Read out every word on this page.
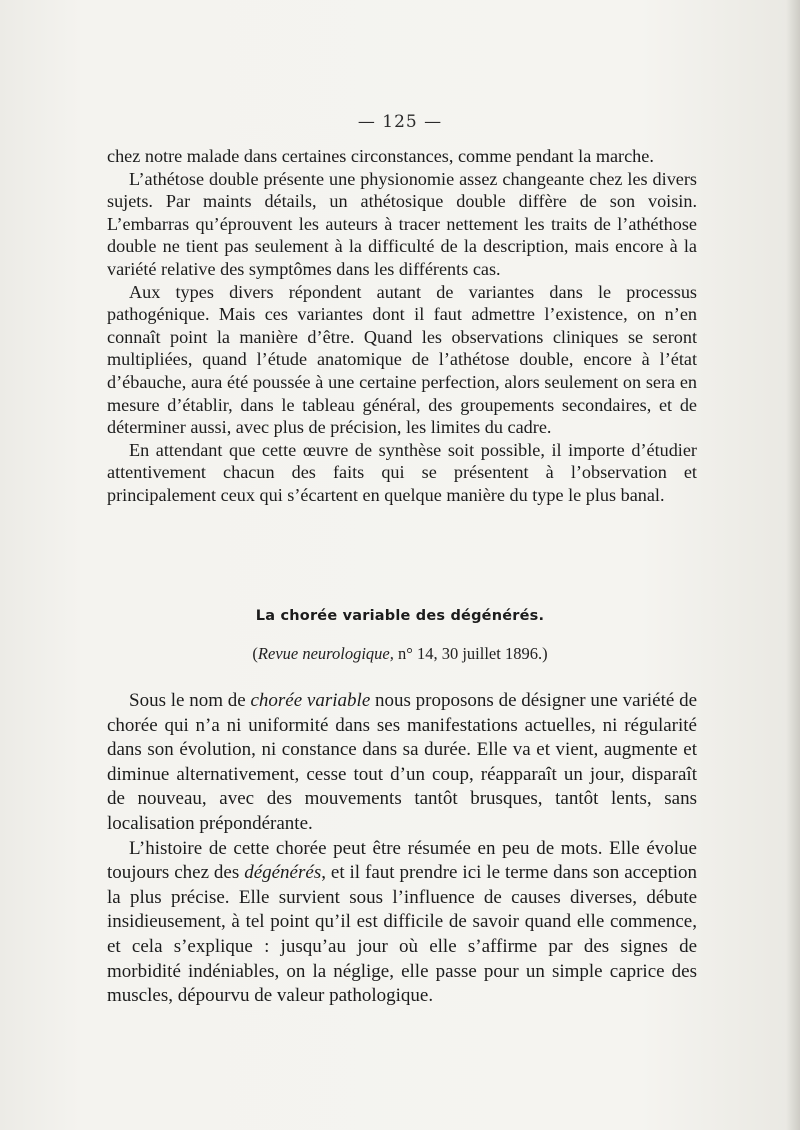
— 125 —

chez notre malade dans certaines circonstances, comme pendant la marche.

L’athétose double présente une physionomie assez changeante chez les divers sujets. Par maints détails, un athétosique double diffère de son voisin. L’embarras qu’éprouvent les auteurs à tracer nettement les traits de l’athéthose double ne tient pas seulement à la difficulté de la description, mais encore à la variété relative des symptômes dans les différents cas.

Aux types divers répondent autant de variantes dans le processus pathogénique. Mais ces variantes dont il faut admettre l’existence, on n’en connaît point la manière d’être. Quand les observations cliniques se seront multipliées, quand l’étude anatomique de l’athétose double, encore à l’état d’ébauche, aura été poussée à une certaine perfection, alors seulement on sera en mesure d’établir, dans le tableau général, des groupements secondaires, et de déterminer aussi, avec plus de précision, les limites du cadre.

En attendant que cette œuvre de synthèse soit possible, il importe d’étudier attentivement chacun des faits qui se présentent à l’observation et principalement ceux qui s’écartent en quelque manière du type le plus banal.

La chorée variable des dégénérés.
(Revue neurologique, n° 14, 30 juillet 1896.)

Sous le nom de chorée variable nous proposons de désigner une variété de chorée qui n’a ni uniformité dans ses manifestations actuelles, ni régularité dans son évolution, ni constance dans sa durée. Elle va et vient, augmente et diminue alternativement, cesse tout d’un coup, réapparaît un jour, disparaît de nouveau, avec des mouvements tantôt brusques, tantôt lents, sans localisation prépondérante.

L’histoire de cette chorée peut être résumée en peu de mots. Elle évolue toujours chez des dégénérés, et il faut prendre ici le terme dans son acception la plus précise. Elle survient sous l’influence de causes diverses, débute insidieusement, à tel point qu’il est difficile de savoir quand elle commence, et cela s’explique : jusqu’au jour où elle s’affirme par des signes de morbidité indéniables, on la néglige, elle passe pour un simple caprice des muscles, dépourvu de valeur pathologique.
